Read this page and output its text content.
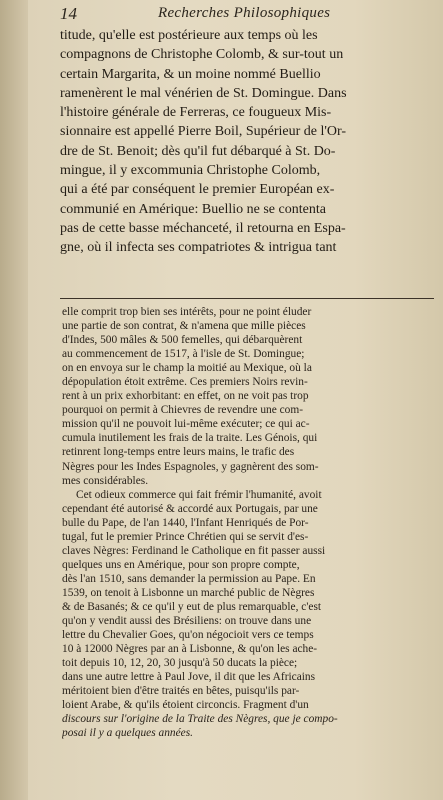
14	Recherches Philosophiques
titude, qu'elle est postérieure aux temps où les
compagnons de Christophe Colomb, & sur-tout un
certain Margarita, & un moine nommé Buellio
ramenèrent le mal vénérien de St. Domingue. Dans
l'histoire générale de Ferreras, ce fougueux Mis-
sionnaire est appellé Pierre Boil, Supérieur de l'Or-
dre de St. Benoit; dès qu'il fut débarqué à St. Do-
mingue, il y excommunia Christophe Colomb,
qui a été par conséquent le premier Européan ex-
communié en Amérique: Buellio ne se contenta
pas de cette basse méchanceté, il retourna en Espa-
gne, où il infecta ses compatriotes & intrigua tant
elle comprit trop bien ses intérêts, pour ne point éluder
une partie de son contrat, & n'amena que mille pièces
d'Indes, 500 mâles & 500 femelles, qui débarquèrent
au commencement de 1517, à l'isle de St. Domingue;
on en envoya sur le champ la moitié au Mexique, où la
dépopulation étoit extrême. Ces premiers Noirs revin-
rent à un prix exhorbitant: en effet, on ne voit pas trop
pourquoi on permit à Chievres de revendre une com-
mission qu'il ne pouvoit lui-même exécuter; ce qui ac-
cumula inutilement les frais de la traite. Les Génois, qui
retinrent long-temps entre leurs mains, le trafic des
Nègres pour les Indes Espagnoles, y gagnèrent des som-
mes considérables.
Cet odieux commerce qui fait frémir l'humanité, avoit
cependant été autorisé & accordé aux Portugais, par une
bulle du Pape, de l'an 1440, l'Infant Henriqués de Por-
tugal, fut le premier Prince Chrétien qui se servit d'es-
claves Nègres: Ferdinand le Catholique en fit passer aussi
quelques uns en Amérique, pour son propre compte,
dès l'an 1510, sans demander la permission au Pape. En
1539, on tenoit à Lisbonne un marché public de Nègres
& de Basanés; & ce qu'il y eut de plus remarquable, c'est
qu'on y vendit aussi des Brésiliens: on trouve dans une
lettre du Chevalier Goes, qu'on négocioit vers ce temps
10 à 12000 Nègres par an à Lisbonne, & qu'on les ache-
toit depuis 10, 12, 20, 30 jusqu'à 50 ducats la pièce;
dans une autre lettre à Paul Jove, il dit que les Africains
méritoient bien d'être traités en bêtes, puisqu'ils par-
loient Arabe, & qu'ils étoient circoncis. Fragment d'un
discours sur l'origine de la Traite des Nègres, que je compo-
posai il y a quelques années.
